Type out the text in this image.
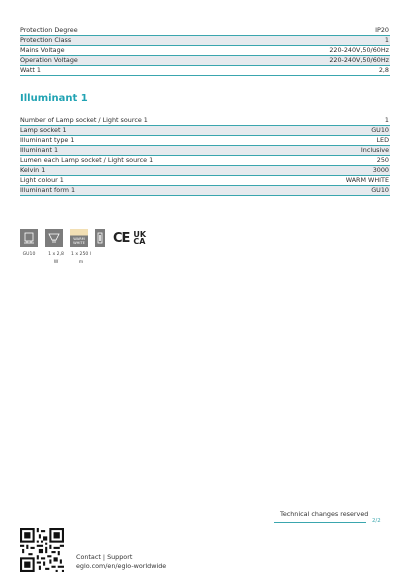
Protection Degree	IP20
Protection Class	1
Mains Voltage	220-240V,50/60Hz
Operation Voltage	220-240V,50/60Hz
Watt 1	2,8
Illuminant 1
Number of Lamp socket / Light source 1	1
Lamp socket 1	GU10
Illuminant type 1	LED
Illuminant 1	Inclusive
Lumen each Lamp socket / Light source 1	250
Kelvin 1	3000
Light colour 1	WARM WHITE
Illuminant form 1	GU10
WARM
WHITE CE UK
CA
GU10	1 x 2,8
W
1 x 250 l
m
Technical changes reserved
2/2
Contact | Support
eglo.com/en/eglo-worldwide
